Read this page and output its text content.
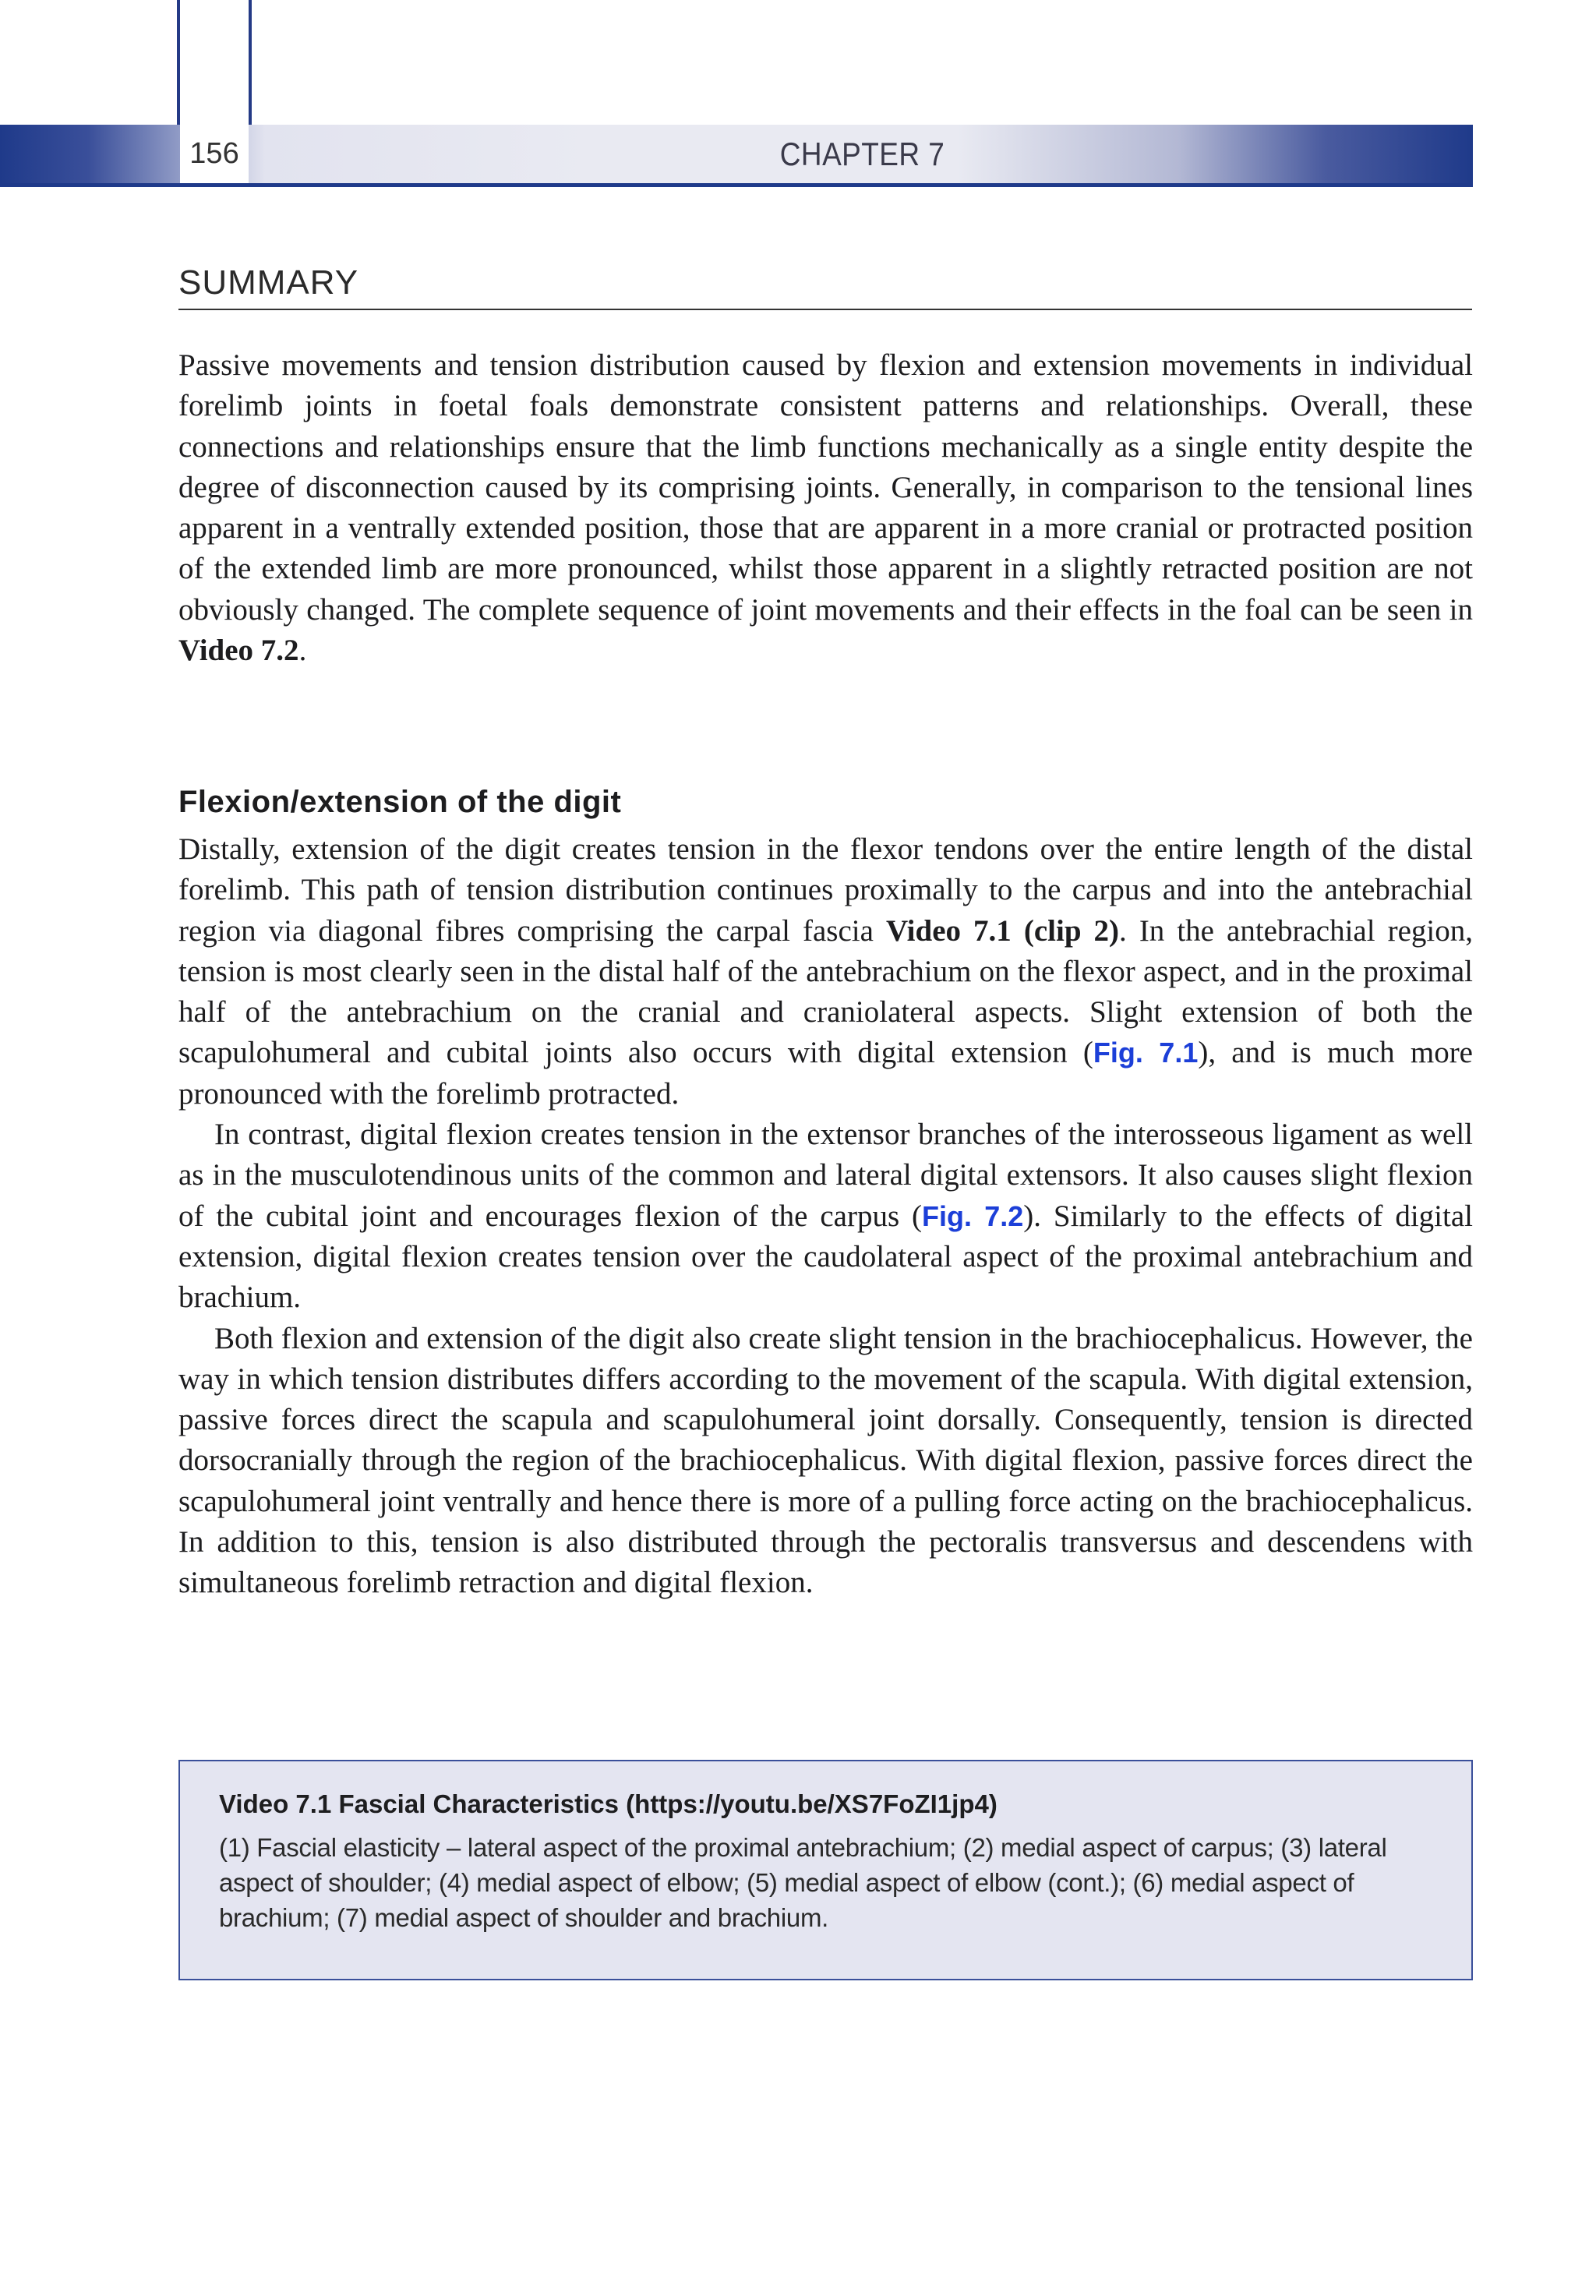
156	CHAPTER 7
SUMMARY

Passive movements and tension distribution caused by flexion and extension movements in individual forelimb joints in foetal foals demonstrate consistent patterns and relationships. Overall, these connections and relationships ensure that the limb functions mechanically as a single entity despite the degree of disconnection caused by its comprising joints. Generally, in comparison to the tensional lines apparent in a ventrally extended position, those that are apparent in a more cranial or protracted position of the extended limb are more pronounced, whilst those apparent in a slightly retracted position are not obviously changed. The complete sequence of joint movements and their effects in the foal can be seen in Video 7.2.

Flexion/extension of the digit

Distally, extension of the digit creates tension in the flexor tendons over the entire length of the distal forelimb. This path of tension distribution continues proximally to the carpus and into the antebrachial region via diagonal fibres comprising the carpal fascia Video 7.1 (clip 2). In the antebrachial region, tension is most clearly seen in the distal half of the antebrachium on the flexor aspect, and in the proximal half of the antebrachium on the cranial and craniolateral aspects. Slight extension of both the scapulohumeral and cubital joints also occurs with digital extension (Fig. 7.1), and is much more pronounced with the forelimb protracted.

In contrast, digital flexion creates tension in the extensor branches of the interosseous ligament as well as in the musculotendinous units of the common and lateral digital extensors. It also causes slight flexion of the cubital joint and encourages flexion of the carpus (Fig. 7.2). Similarly to the effects of digital extension, digital flexion creates tension over the caudolateral aspect of the proximal antebrachium and brachium.

Both flexion and extension of the digit also create slight tension in the brachiocephalicus. However, the way in which tension distributes differs according to the movement of the scapula. With digital extension, passive forces direct the scapula and scapulohumeral joint dorsally. Consequently, tension is directed dorsocranially through the region of the brachiocephalicus. With digital flexion, passive forces direct the scapulohumeral joint ventrally and hence there is more of a pulling force acting on the brachiocephalicus. In addition to this, tension is also distributed through the pectoralis transversus and descendens with simultaneous forelimb retraction and digital flexion.

Video 7.1 Fascial Characteristics (https://youtu.be/XS7FoZI1jp4)
(1) Fascial elasticity – lateral aspect of the proximal antebrachium; (2) medial aspect of carpus; (3) lateral aspect of shoulder; (4) medial aspect of elbow; (5) medial aspect of elbow (cont.); (6) medial aspect of brachium; (7) medial aspect of shoulder and brachium.
